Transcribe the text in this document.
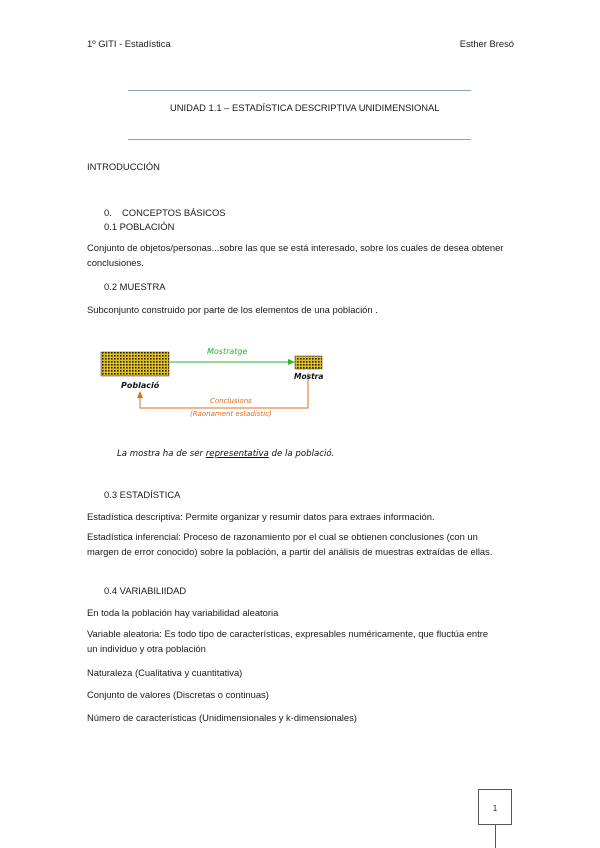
1º GITI - Estadística	Esther Bresó
UNIDAD 1.1 – ESTADÍSTICA DESCRIPTIVA UNIDIMENSIONAL
INTRODUCCIÓN
0. CONCEPTOS BÁSICOS
0.1 POBLACIÓN
Conjunto de objetos/personas...sobre las que se está interesado, sobre los cuales de desea obtener conclusiones.
0.2 MUESTRA
Subconjunto construido por parte de los elementos de una población .
Mostratge
Població
Mostra
Conclusions
(Raonament estadístic)
La mostra ha de ser representativa de la població.
0.3 ESTADÍSTICA
Estadística descriptiva: Permite organizar y resumir datos para extraes información.
Estadística inferencial: Proceso de razonamiento por el cual se obtienen conclusiones (con un margen de error conocido) sobre la población, a partir del análisis de muestras extraídas de ellas.
0.4 VARIABILIIDAD
En toda la población hay variabilidad aleatoria
Variable aleatoria: Es todo tipo de características, expresables numéricamente, que fluctúa entre un individuo y otra población
Naturaleza (Cualitativa y cuantitativa)
Conjunto de valores (Discretas o continuas)
Número de características (Unidimensionales y k-dimensionales)
1
